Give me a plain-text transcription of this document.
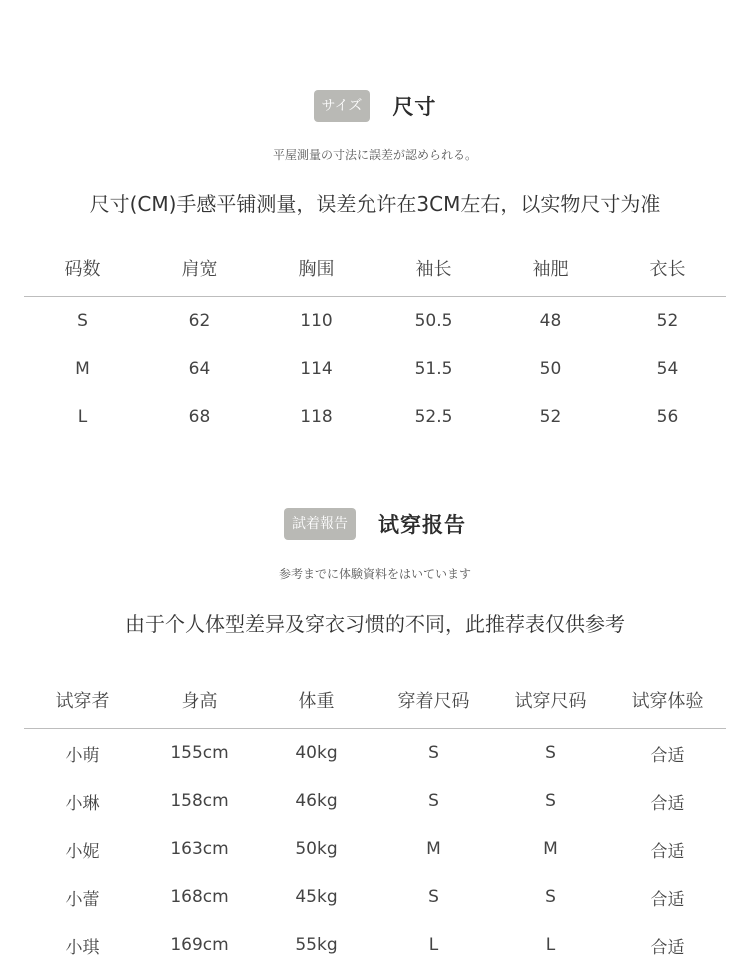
サイズ	尺寸
平屋測量の寸法に誤差が認められる。
尺寸(CM)手感平铺测量，误差允许在3CM左右，以实物尺寸为准
码数	肩宽	胸围	袖长	袖肥	衣长
S	62	110	50.5	48	52
M	64	114	51.5	50	54
L	68	118	52.5	52	56
試着報告	试穿报告
参考までに体験資料をはいています
由于个人体型差异及穿衣习惯的不同，此推荐表仅供参考
试穿者	身高	体重	穿着尺码	试穿尺码	试穿体验
小萌	155cm	40kg	S	S	合适
小琳	158cm	46kg	S	S	合适
小妮	163cm	50kg	M	M	合适
小蕾	168cm	45kg	S	S	合适
小琪	169cm	55kg	L	L	合适
